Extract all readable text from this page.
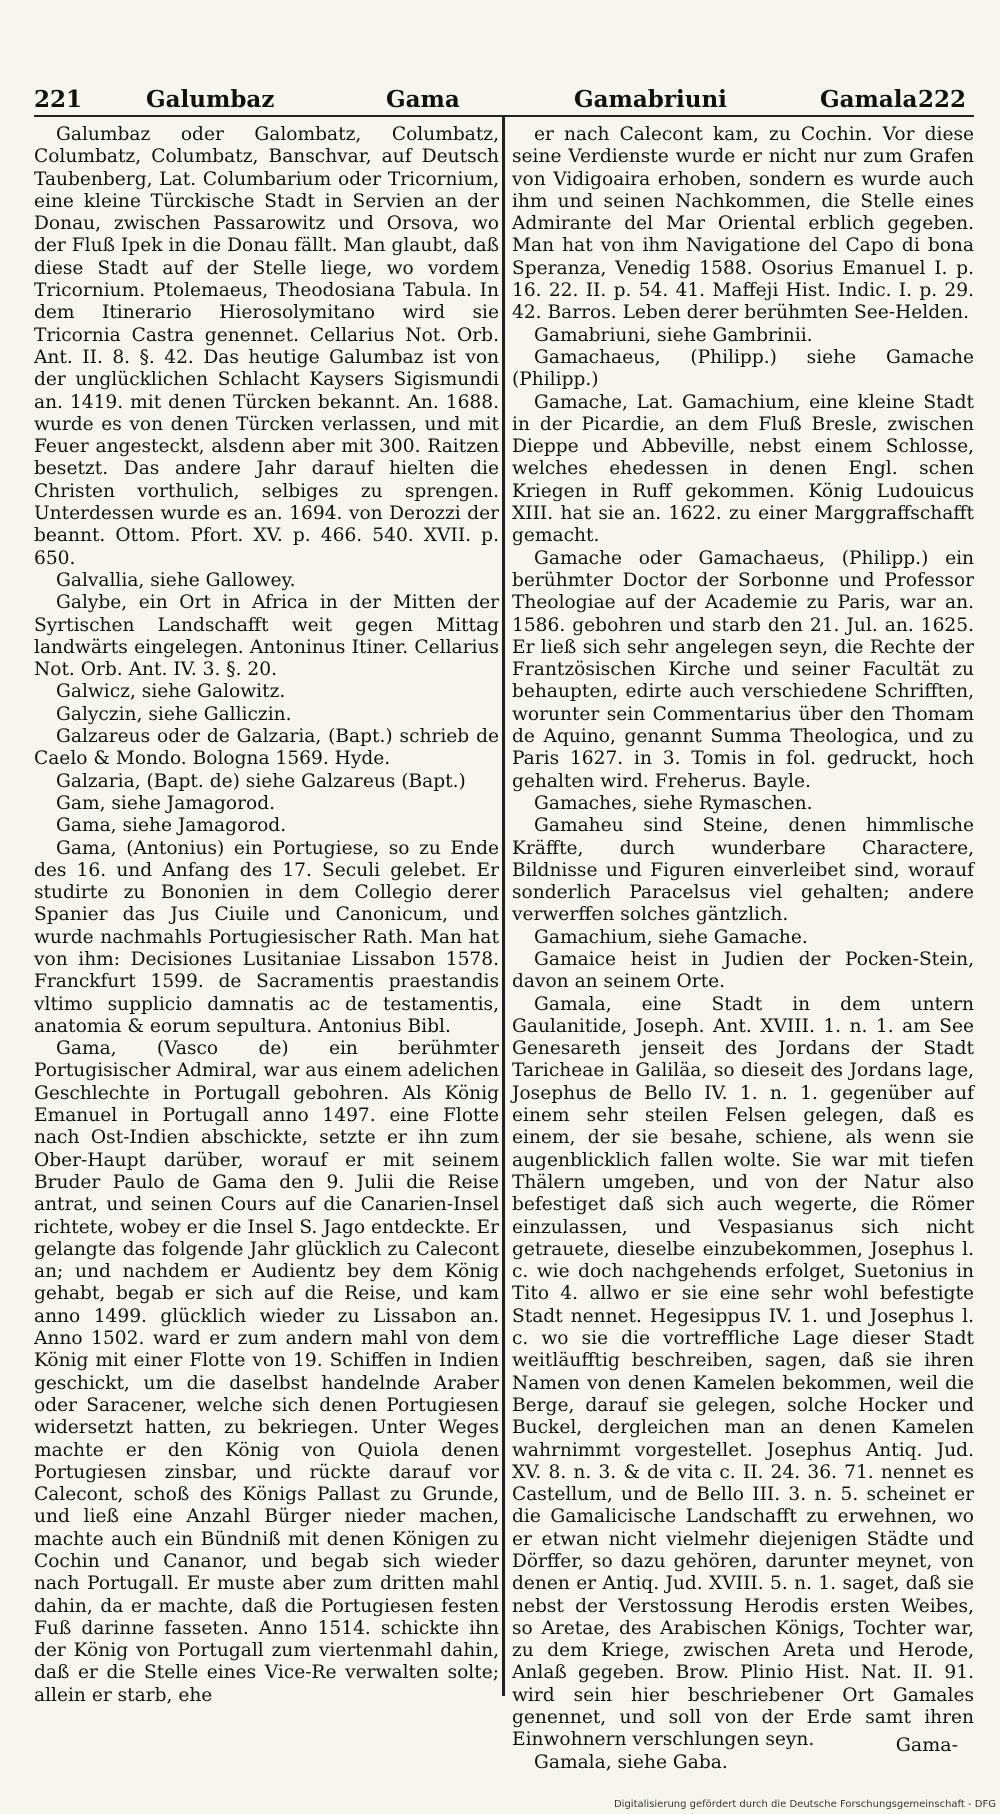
221	Galumbaz	Gama	Gamabriuni	Gamala 222

Galumbaz oder Galombatz, Columbatz, Columbatz, Columbatz, Banschvar, auf Deutsch Taubenberg, Lat. Columbarium oder Tricornium, eine kleine Türckische Stadt in Servien an der Donau, zwischen Passarowitz und Orsova, wo der Fluß Ipek in die Donau fällt. Man glaubt, daß diese Stadt auf der Stelle liege, wo vordem Tricornium. Ptolemaeus, Theodosiana Tabula. In dem Itinerario Hierosolymitano wird sie Tricornia Castra genennet. Cellarius Not. Orb. Ant. II. 8. §. 42. Das heutige Galumbaz ist von der unglücklichen Schlacht Kaysers Sigismundi an. 1419. mit denen Türcken bekannt. An. 1688. wurde es von denen Türcken verlassen, und mit Feuer angesteckt, alsdenn aber mit 300. Raitzen besetzt. Das andere Jahr darauf hielten die Christen vorthulich, selbiges zu sprengen. Unterdessen wurde es an. 1694. von Derozzi der beannt. Ottom. Pfort. XV. p. 466. 540. XVII. p. 650.

Galvallia, siehe Gallowey.

Galybe, ein Ort in Africa in der Mitten der Syrtischen Landschafft weit gegen Mittag landwärts eingelegen. Antoninus Itiner. Cellarius Not. Orb. Ant. IV. 3. §. 20.

Galwicz, siehe Galowitz.

Galyczin, siehe Galliczin.

Galzareus oder de Galzaria, (Bapt.) schrieb de Caelo & Mondo. Bologna 1569. Hyde.

Galzaria, (Bapt. de) siehe Galzareus (Bapt.)

Gam, siehe Jamagorod.

Gama, siehe Jamagorod.

Gama, (Antonius) ein Portugiese, so zu Ende des 16. und Anfang des 17. Seculi gelebet. Er studirte zu Bononien in dem Collegio derer Spanier das Jus Ciuile und Canonicum, und wurde nachmahls Portugiesischer Rath. Man hat von ihm: Decisiones Lusitaniae Lissabon 1578. Franckfurt 1599. de Sacramentis praestandis vltimo supplicio damnatis ac de testamentis, anatomia & eorum sepultura. Antonius Bibl.

Gama, (Vasco de) ein berühmter Portugisischer Admiral, war aus einem adelichen Geschlechte in Portugall gebohren. Als König Emanuel in Portugall anno 1497. eine Flotte nach Ost-Indien abschickte, setzte er ihn zum Ober-Haupt darüber, worauf er mit seinem Bruder Paulo de Gama den 9. Julii die Reise antrat, und seinen Cours auf die Canarien-Insel richtete, wobey er die Insel S. Jago entdeckte. Er gelangte das folgende Jahr glücklich zu Calecont an; und nachdem er Audientz bey dem König gehabt, begab er sich auf die Reise, und kam anno 1499. glücklich wieder zu Lissabon an. Anno 1502. ward er zum andern mahl von dem König mit einer Flotte von 19. Schiffen in Indien geschickt, um die daselbst handelnde Araber oder Saracener, welche sich denen Portugiesen widersetzt hatten, zu bekriegen. Unter Weges machte er den König von Quiola denen Portugiesen zinsbar, und rückte darauf vor Calecont, schoß des Königs Pallast zu Grunde, und ließ eine Anzahl Bürger nieder machen, machte auch ein Bündniß mit denen Königen zu Cochin und Cananor, und begab sich wieder nach Portugall. Er muste aber zum dritten mahl dahin, da er machte, daß die Portugiesen festen Fuß darinne fasseten. Anno 1514. schickte ihn der König von Portugall zum viertenmahl dahin, daß er die Stelle eines Vice-Re verwalten solte; allein er starb, ehe

er nach Calecont kam, zu Cochin. Vor diese seine Verdienste wurde er nicht nur zum Grafen von Vidigoaira erhoben, sondern es wurde auch ihm und seinen Nachkommen, die Stelle eines Admirante del Mar Oriental erblich gegeben. Man hat von ihm Navigatione del Capo di bona Speranza, Venedig 1588. Osorius Emanuel I. p. 16. 22. II. p. 54. 41. Maffeji Hist. Indic. I. p. 29. 42. Barros. Leben derer berühmten See-Helden.

Gamabriuni, siehe Gambrinii.

Gamachaeus, (Philipp.) siehe Gamache (Philipp.)

Gamache, Lat. Gamachium, eine kleine Stadt in der Picardie, an dem Fluß Bresle, zwischen Dieppe und Abbeville, nebst einem Schlosse, welches ehedessen in denen Engl. schen Kriegen in Ruff gekommen. König Ludouicus XIII. hat sie an. 1622. zu einer Marggraffschafft gemacht.

Gamache oder Gamachaeus, (Philipp.) ein berühmter Doctor der Sorbonne und Professor Theologiae auf der Academie zu Paris, war an. 1586. gebohren und starb den 21. Jul. an. 1625. Er ließ sich sehr angelegen seyn, die Rechte der Frantzösischen Kirche und seiner Facultät zu behaupten, edirte auch verschiedene Schrifften, worunter sein Commentarius über den Thomam de Aquino, genannt Summa Theologica, und zu Paris 1627. in 3. Tomis in fol. gedruckt, hoch gehalten wird. Freherus. Bayle.

Gamaches, siehe Rymaschen.

Gamaheu sind Steine, denen himmlische Kräffte, durch wunderbare Charactere, Bildnisse und Figuren einverleibet sind, worauf sonderlich Paracelsus viel gehalten; andere verwerffen solches gäntzlich.

Gamachium, siehe Gamache.

Gamaice heist in Judien der Pocken-Stein, davon an seinem Orte.

Gamala, eine Stadt in dem untern Gaulanitide, Joseph. Ant. XVIII. 1. n. 1. am See Genesareth jenseit des Jordans der Stadt Taricheae in Galiläa, so dieseit des Jordans lage, Josephus de Bello IV. 1. n. 1. gegenüber auf einem sehr steilen Felsen gelegen, daß es einem, der sie besahe, schiene, als wenn sie augenblicklich fallen wolte. Sie war mit tiefen Thälern umgeben, und von der Natur also befestiget daß sich auch wegerte, die Römer einzulassen, und Vespasianus sich nicht getrauete, dieselbe einzubekommen, Josephus l. c. wie doch nachgehends erfolget, Suetonius in Tito 4. allwo er sie eine sehr wohl befestigte Stadt nennet. Hegesippus IV. 1. und Josephus l. c. wo sie die vortreffliche Lage dieser Stadt weitläufftig beschreiben, sagen, daß sie ihren Namen von denen Kamelen bekommen, weil die Berge, darauf sie gelegen, solche Hocker und Buckel, dergleichen man an denen Kamelen wahrnimmt vorgestellet. Josephus Antiq. Jud. XV. 8. n. 3. & de vita c. II. 24. 36. 71. nennet es Castellum, und de Bello III. 3. n. 5. scheinet er die Gamalicische Landschafft zu erwehnen, wo er etwan nicht vielmehr diejenigen Städte und Dörffer, so dazu gehören, darunter meynet, von denen er Antiq. Jud. XVIII. 5. n. 1. saget, daß sie nebst der Verstossung Herodis ersten Weibes, so Aretae, des Arabischen Königs, Tochter war, zu dem Kriege, zwischen Areta und Herode, Anlaß gegeben. Brow. Plinio Hist. Nat. II. 91. wird sein hier beschriebener Ort Gamales genennet, und soll von der Erde samt ihren Einwohnern verschlungen seyn.

Gamala, siehe Gaba.

Gama-
Digitalisierung gefördert durch die Deutsche Forschungsgemeinschaft - DFG
